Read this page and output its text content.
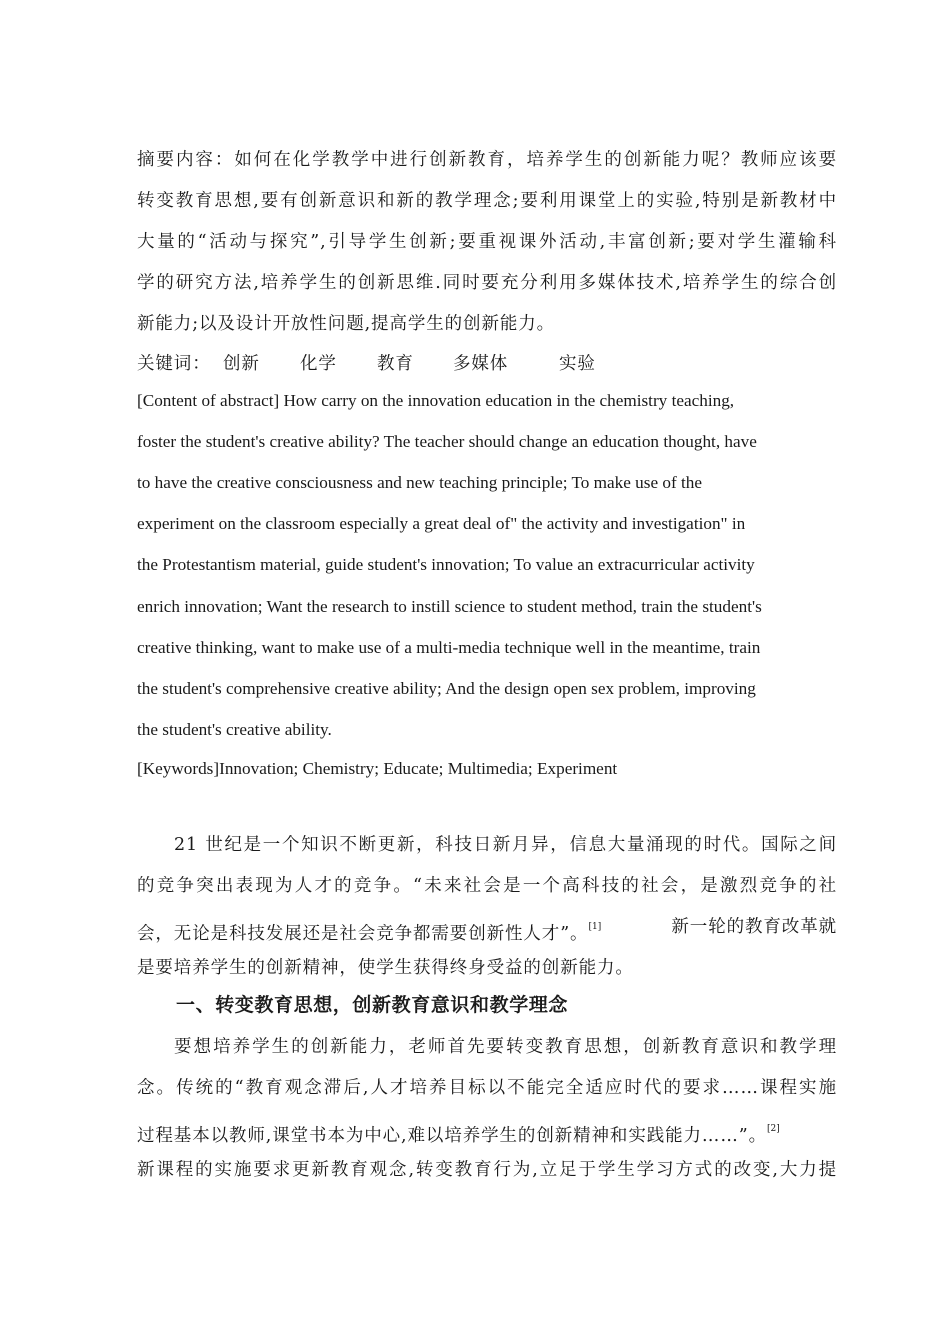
摘要内容：如何在化学教学中进行创新教育，培养学生的创新能力呢？教师应该要
转变教育思想,要有创新意识和新的教学理念;要利用课堂上的实验,特别是新教材中
大量的“活动与探究”,引导学生创新;要重视课外活动,丰富创新;要对学生灌输科
学的研究方法,培养学生的创新思维.同时要充分利用多媒体技术,培养学生的综合创
新能力;以及设计开放性问题,提高学生的创新能力。
关键词： 创新 化学 教育 多媒体	实验
[Content of abstract] How carry on the innovation education in the chemistry teaching,
foster the student's creative ability? The teacher should change an education thought, have
to have the creative consciousness and new teaching principle; To make use of the
experiment on the classroom especially a great deal of" the activity and investigation" in
the Protestantism material, guide student's innovation; To value an extracurricular activity
enrich innovation; Want the research to instill science to student method, train the student's
creative thinking, want to make use of a multi-media technique well in the meantime, train
the student's comprehensive creative ability; And the design open sex problem, improving
the student's creative ability.
[Keywords]Innovation; Chemistry; Educate; Multimedia; Experiment
21 世纪是一个知识不断更新，科技日新月异，信息大量涌现的时代。国际之间
的竞争突出表现为人才的竞争。“未来社会是一个高科技的社会，是激烈竞争的社
会，无论是科技发展还是社会竞争都需要创新性人才”。[1]	新一轮的教育改革就
是要培养学生的创新精神，使学生获得终身受益的创新能力。
一、转变教育思想，创新教育意识和教学理念
要想培养学生的创新能力，老师首先要转变教育思想，创新教育意识和教学理
念。传统的“教育观念滞后,人才培养目标以不能完全适应时代的要求……课程实施
过程基本以教师,课堂书本为中心,难以培养学生的创新精神和实践能力……”。[2]
新课程的实施要求更新教育观念,转变教育行为,立足于学生学习方式的改变,大力提
